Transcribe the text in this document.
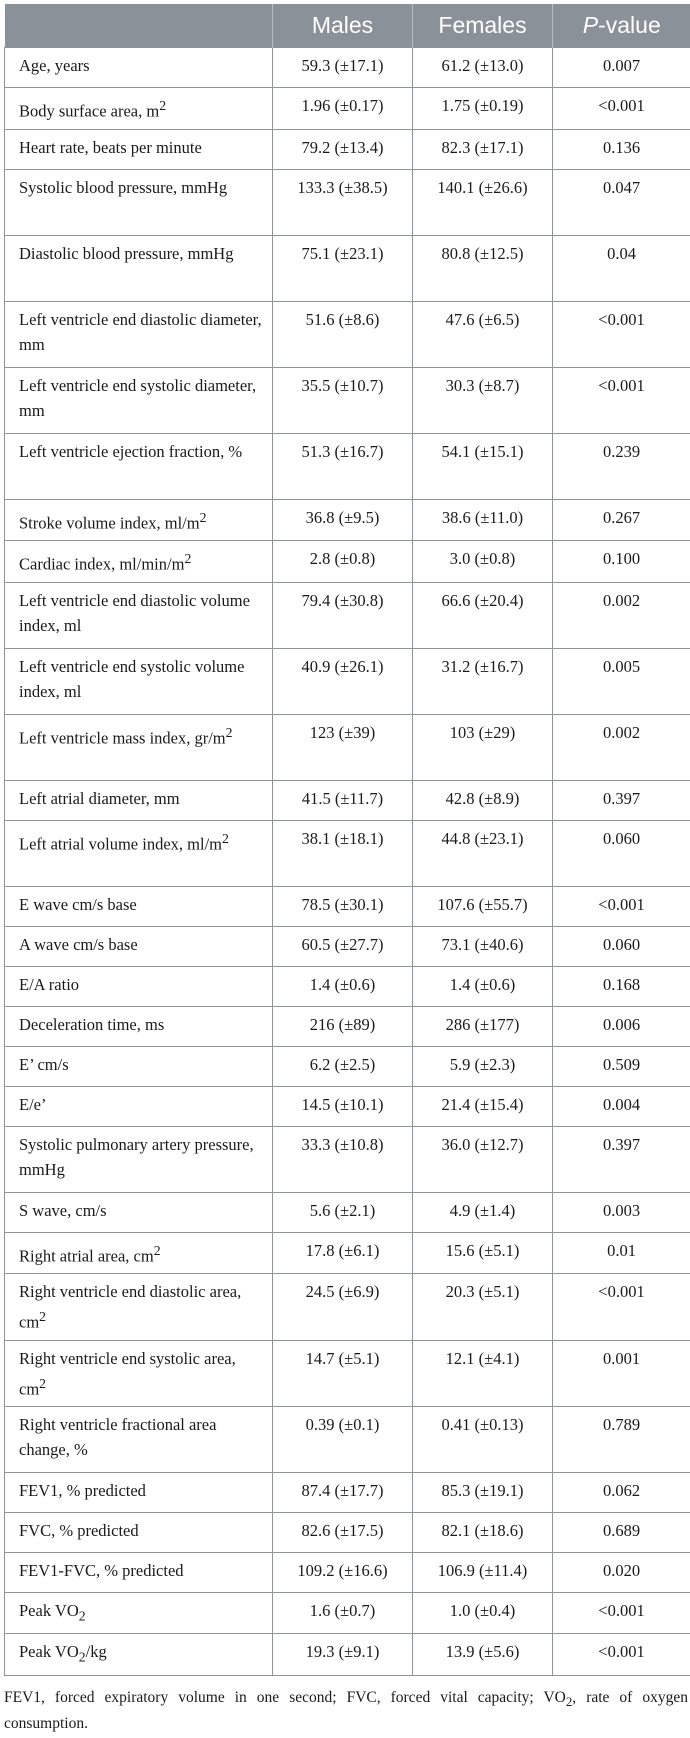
	Males	Females	P-value
Age, years	59.3 (±17.1)	61.2 (±13.0)	0.007
Body surface area, $m^2$	1.96 (±0.17)	1.75 (±0.19)	<0.001
Heart rate, beats per minute	79.2 (±13.4)	82.3 (±17.1)	0.136
Systolic blood pressure, mmHg	133.3 (±38.5)	140.1 (±26.6)	0.047
Diastolic blood pressure, mmHg	75.1 (±23.1)	80.8 (±12.5)	0.04
Left ventricle end diastolic diameter, mm	51.6 (±8.6)	47.6 (±6.5)	<0.001
Left ventricle end systolic diameter, mm	35.5 (±10.7)	30.3 (±8.7)	<0.001
Left ventricle ejection fraction, %	51.3 (±16.7)	54.1 (±15.1)	0.239
Stroke volume index, $ml/m^2$	36.8 (±9.5)	38.6 (±11.0)	0.267
Cardiac index, $ml/\min/m^2$	2.8 (±0.8)	3.0 (±0.8)	0.100
Left ventricle end diastolic volume index, ml	79.4 (±30.8)	66.6 (±20.4)	0.002
Left ventricle end systolic volume index, ml	40.9 (±26.1)	31.2 (±16.7)	0.005
Left ventricle mass index, $gr/m^2$	123 (±39)	103 (±29)	0.002
Left atrial diameter, mm	41.5 (±11.7)	42.8 (±8.9)	0.397
Left atrial volume index, $ml/m^2$	38.1 (±18.1)	44.8 (±23.1)	0.060
E wave cm/s base	78.5 (±30.1)	107.6 (±55.7)	<0.001
A wave cm/s base	60.5 (±27.7)	73.1 (±40.6)	0.060
E/A ratio	1.4 (±0.6)	1.4 (±0.6)	0.168
Deceleration time, ms	216 (±89)	286 (±177)	0.006
E’ cm/s	6.2 (±2.5)	5.9 (±2.3)	0.509
E/e’	14.5 (±10.1)	21.4 (±15.4)	0.004
Systolic pulmonary artery pressure, mmHg	33.3 (±10.8)	36.0 (±12.7)	0.397
S wave, cm/s	5.6 (±2.1)	4.9 (±1.4)	0.003
Right atrial area, $cm^2$	17.8 (±6.1)	15.6 (±5.1)	0.01
Right ventricle end diastolic area, $cm^2$	24.5 (±6.9)	20.3 (±5.1)	<0.001
Right ventricle end systolic area, $cm^2$	14.7 (±5.1)	12.1 (±4.1)	0.001
Right ventricle fractional area change, %	0.39 (±0.1)	0.41 (±0.13)	0.789
FEV1, % predicted	87.4 (±17.7)	85.3 (±19.1)	0.062
FVC, % predicted	82.6 (±17.5)	82.1 (±18.6)	0.689
FEV1-FVC, % predicted	109.2 (±16.6)	106.9 (±11.4)	0.020
Peak $VO_2$	1.6 (±0.7)	1.0 (±0.4)	<0.001
Peak $VO_2/kg$	19.3 (±9.1)	13.9 (±5.6)	<0.001
FEV1, forced expiratory volume in one second; FVC, forced vital capacity; $VO_2$, rate of oxygen consumption.
